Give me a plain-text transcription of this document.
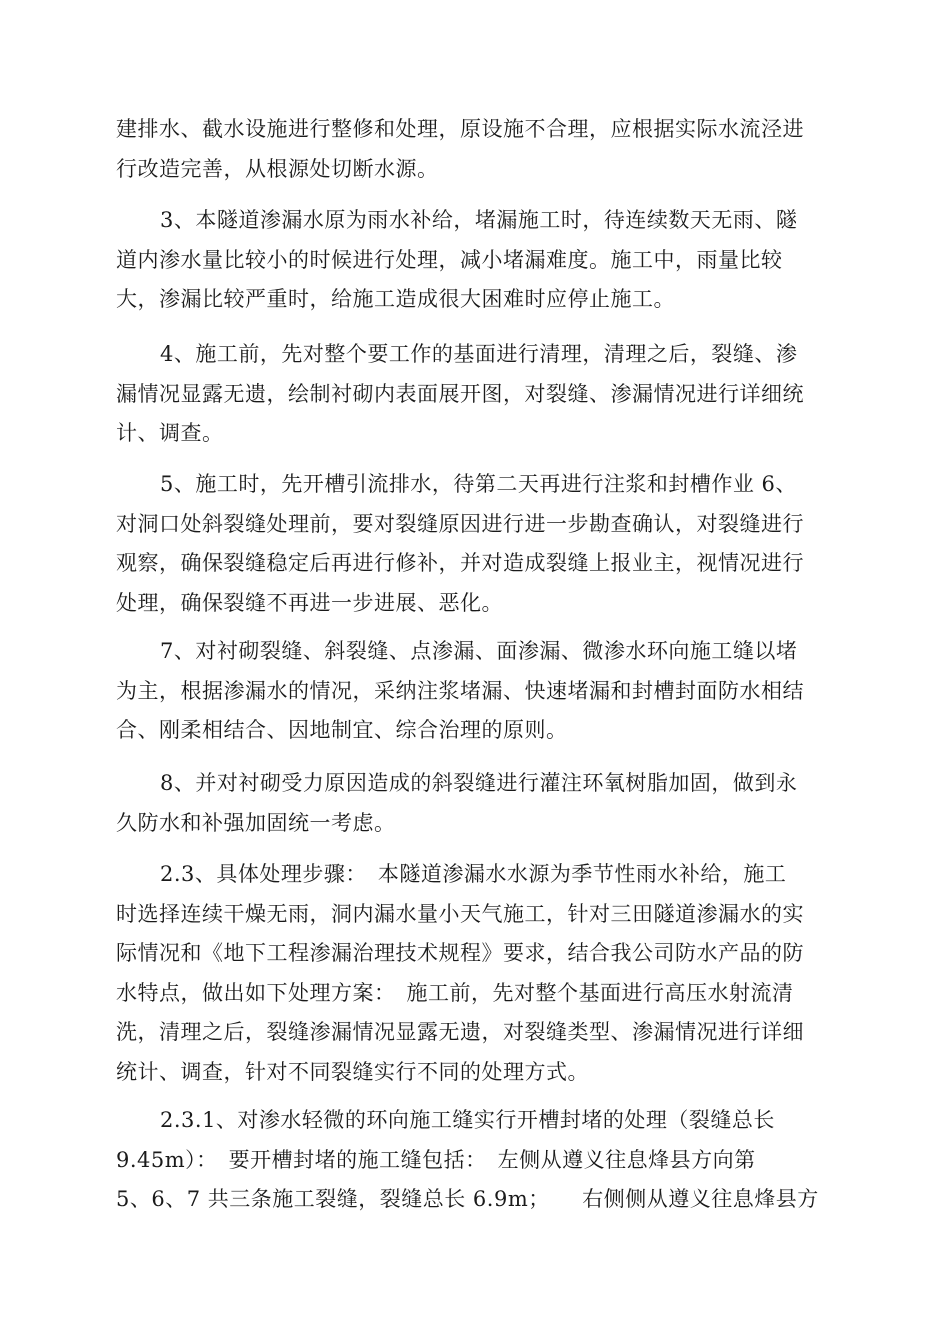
建排水、截水设施进行整修和处理，原设施不合理，应根据实际水流泾进
行改造完善，从根源处切断水源。
3、本隧道渗漏水原为雨水补给，堵漏施工时，待连续数天无雨、隧
道内渗水量比较小的时候进行处理，减小堵漏难度。施工中，雨量比较
大，渗漏比较严重时，给施工造成很大困难时应停止施工。
4、施工前，先对整个要工作的基面进行清理，清理之后，裂缝、渗
漏情况显露无遗，绘制衬砌内表面展开图，对裂缝、渗漏情况进行详细统
计、调查。
5、施工时，先开槽引流排水，待第二天再进行注浆和封槽作业 6、
对洞口处斜裂缝处理前，要对裂缝原因进行进一步勘查确认，对裂缝进行
观察，确保裂缝稳定后再进行修补，并对造成裂缝上报业主，视情况进行
处理，确保裂缝不再进一步进展、恶化。
7、对衬砌裂缝、斜裂缝、点渗漏、面渗漏、微渗水环向施工缝以堵
为主，根据渗漏水的情况，采纳注浆堵漏、快速堵漏和封槽封面防水相结
合、刚柔相结合、因地制宜、综合治理的原则。
8、并对衬砌受力原因造成的斜裂缝进行灌注环氧树脂加固，做到永
久防水和补强加固统一考虑。
2.3、具体处理步骤：　本隧道渗漏水水源为季节性雨水补给，施工
时选择连续干燥无雨，洞内漏水量小天气施工，针对三田隧道渗漏水的实
际情况和《地下工程渗漏治理技术规程》要求，结合我公司防水产品的防
水特点，做出如下处理方案：　施工前，先对整个基面进行高压水射流清
洗，清理之后，裂缝渗漏情况显露无遗，对裂缝类型、渗漏情况进行详细
统计、调查，针对不同裂缝实行不同的处理方式。
2.3.1、对渗水轻微的环向施工缝实行开槽封堵的处理（裂缝总长
9.45m）：　要开槽封堵的施工缝包括：　左侧从遵义往息烽县方向第
5、6、7 共三条施工裂缝，裂缝总长 6.9m；　　右侧侧从遵义往息烽县方
